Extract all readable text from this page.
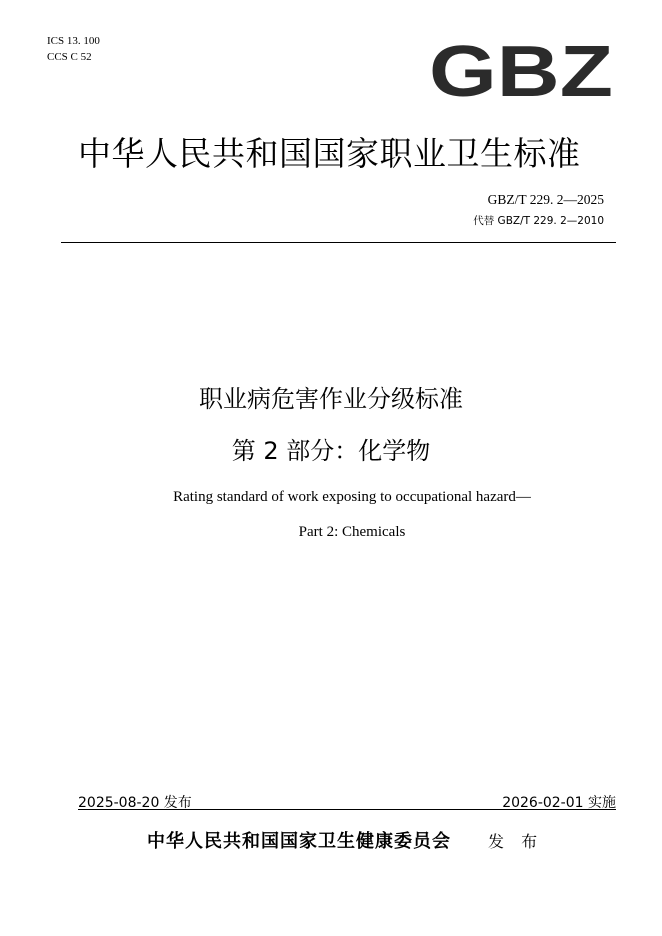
ICS 13. 100
CCS C 52	GBZ
中华人民共和国国家职业卫生标准
GBZ/T 229. 2—2025
代替 GBZ/T 229. 2—2010
职业病危害作业分级标准
第 2 部分：化学物
Rating standard of work exposing to occupational hazard—
Part 2: Chemicals
2025-08-20 发布	2026-02-01 实施
中华人民共和国国家卫生健康委员会 发 布
